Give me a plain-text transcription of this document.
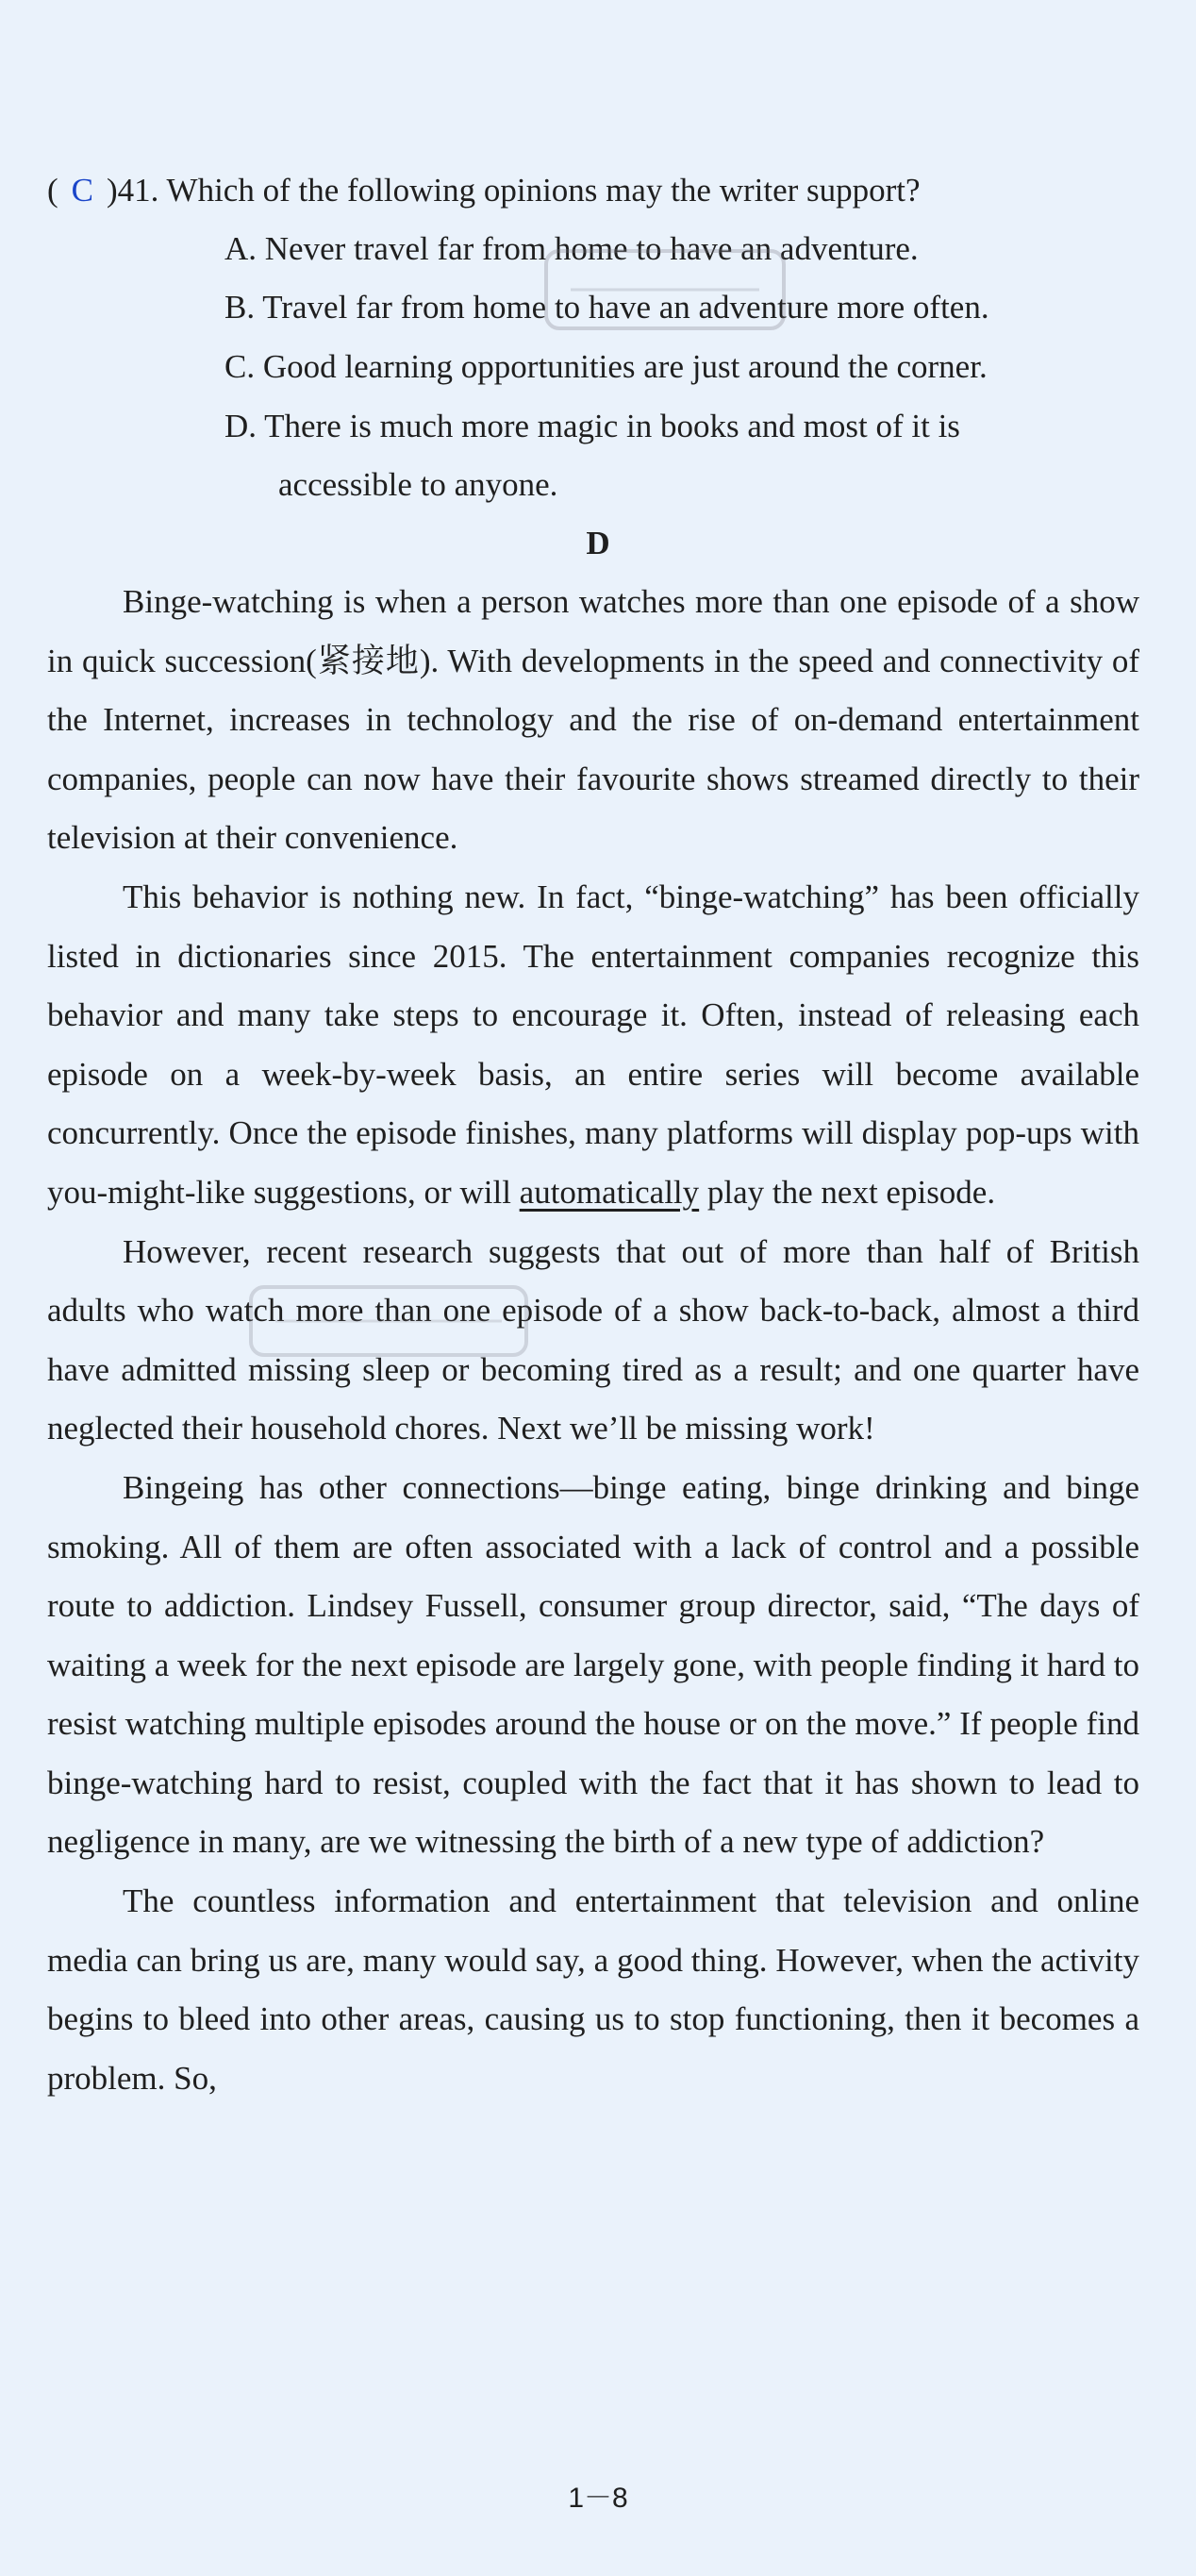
( C )41. Which of the following opinions may the writer support?
A. Never travel far from home to have an adventure.
B. Travel far from home to have an adventure more often.
C. Good learning opportunities are just around the corner.
D. There is much more magic in books and most of it is
accessible to anyone.
D

Binge-watching is when a person watches more than one episode of a show in quick succession(紧接地). With developments in the speed and connectivity of the Internet, increases in technology and the rise of on-demand entertainment companies, people can now have their favourite shows streamed directly to their television at their convenience.

This behavior is nothing new. In fact, “binge-watching” has been officially listed in dictionaries since 2015. The entertainment companies recognize this behavior and many take steps to encourage it. Often, instead of releasing each episode on a week-by-week basis, an entire series will become available concurrently. Once the episode finishes, many platforms will display pop-ups with you-might-like suggestions, or will automatically play the next episode.

However, recent research suggests that out of more than half of British adults who watch more than one episode of a show back-to-back, almost a third have admitted missing sleep or becoming tired as a result; and one quarter have neglected their household chores. Next we’ll be missing work!

Bingeing has other connections—binge eating, binge drinking and binge smoking. All of them are often associated with a lack of control and a possible route to addiction. Lindsey Fussell, consumer group director, said, “The days of waiting a week for the next episode are largely gone, with people finding it hard to resist watching multiple episodes around the house or on the move.” If people find binge-watching hard to resist, coupled with the fact that it has shown to lead to negligence in many, are we witnessing the birth of a new type of addiction?

The countless information and entertainment that television and online media can bring us are, many would say, a good thing. However, when the activity begins to bleed into other areas, causing us to stop functioning, then it becomes a problem. So,

1－8
